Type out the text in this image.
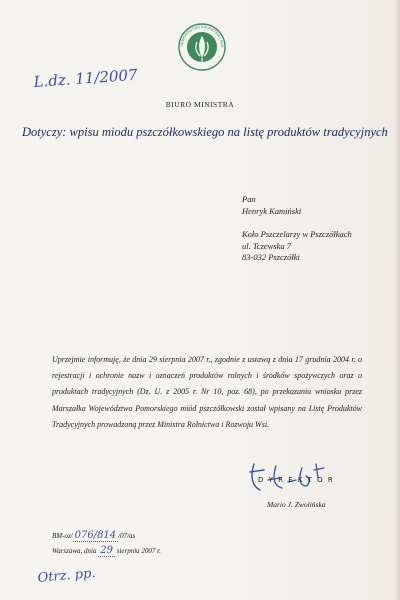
MINISTERSTWO ROLNICTWA I ROZ
BIURO MINISTRA
L.dz. 11/2007
Dotyczy: wpisu miodu pszczółkowskiego na listę produktów tradycyjnych
Pan
Henryk Kamiński
Koło Pszczelarzy w Pszczółkach
ul. Tczewska 7
83-032 Pszczółki

Uprzejmie informuję, że dnia 29 sierpnia 2007 r., zgodnie z ustawą z dnia 17 grudnia 2004 r. o rejestracji i ochronie nazw i oznaczeń produktów rolnych i środków spożywczych oraz o produktach tradycyjnych (Dz. U. z 2005 r. Nr 10, poz. 68), po przekazaniu wniosku przez Marszałka Województwa Pomorskiego miód pszczółkowski został wpisany na Listę Produktów Tradycyjnych prowadzoną przez Ministra Rolnictwa i Rozwoju Wsi.

D Y R E K T O R
Mario J. Zwolińska
BM-oz/ 076/814 /07/as
Warszawa, dnia 29 sierpnia 2007 r.
Otrz. pp.
